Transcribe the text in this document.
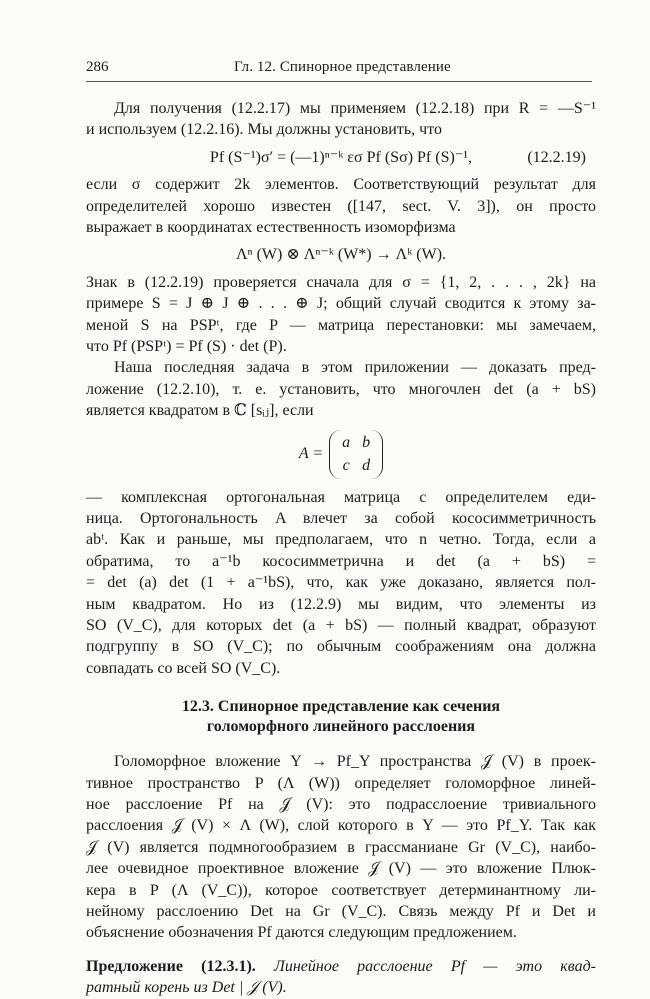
286	Гл. 12. Спинорное представление

Для получения (12.2.17) мы применяем (12.2.18) при R = —S⁻¹
и используем (12.2.16). Мы должны установить, что

Pf (S⁻¹)σ′ = (—1)ⁿ⁻ᵏ εσ Pf (Sσ) Pf (S)⁻¹,	(12.2.19)

если σ содержит 2k элементов. Соответствующий результат для
определителей хорошо известен ([147, sect. V. 3]), он просто
выражает в координатах естественность изоморфизма

Λⁿ (W) ⊗ Λⁿ⁻ᵏ (W*) → Λᵏ (W).

Знак в (12.2.19) проверяется сначала для σ = {1, 2, . . . , 2k} на
примере S = J ⊕ J ⊕ . . . ⊕ J; общий случай сводится к этому за-
меной S на PSPᵗ, где P — матрица перестановки: мы замечаем,
что Pf (PSPᵗ) = Pf (S) · det (P).

Наша последняя задача в этом приложении — доказать пред-
ложение (12.2.10), т. е. установить, что многочлен det (a + bS)
является квадратом в ℂ [sᵢⱼ], если

A =
a b
c d

— комплексная ортогональная матрица с определителем еди-
ница. Ортогональность A влечет за собой кососимметричность
abᵗ. Как и раньше, мы предполагаем, что n четно. Тогда, если a
обратима, то a⁻¹b кососимметрична и det (a + bS) =
= det (a) det (1 + a⁻¹bS), что, как уже доказано, является пол-
ным квадратом. Но из (12.2.9) мы видим, что элементы из
SO (V_C), для которых det (a + bS) — полный квадрат, образуют
подгруппу в SO (V_C); по обычным соображениям она должна
совпадать со всей SO (V_C).

12.3. Спинорное представление как сечения
голоморфного линейного расслоения

Голоморфное вложение Y → Pf_Y пространства 𝒥 (V) в проек-
тивное пространство P (Λ (W)) определяет голоморфное линей-
ное расслоение Pf на 𝒥 (V): это подрасслоение тривиального
расслоения 𝒥 (V) × Λ (W), слой которого в Y — это Pf_Y. Так как
𝒥 (V) является подмногообразием в грассманиане Gr (V_C), наибо-
лее очевидное проективное вложение 𝒥 (V) — это вложение Плюк-
кера в P (Λ (V_C)), которое соответствует детерминантному ли-
нейному расслоению Det на Gr (V_C). Связь между Pf и Det и
объяснение обозначения Pf даются следующим предложением.

Предложение (12.3.1). Линейное расслоение Pf — это квад-
ратный корень из Det | 𝒥 (V).
